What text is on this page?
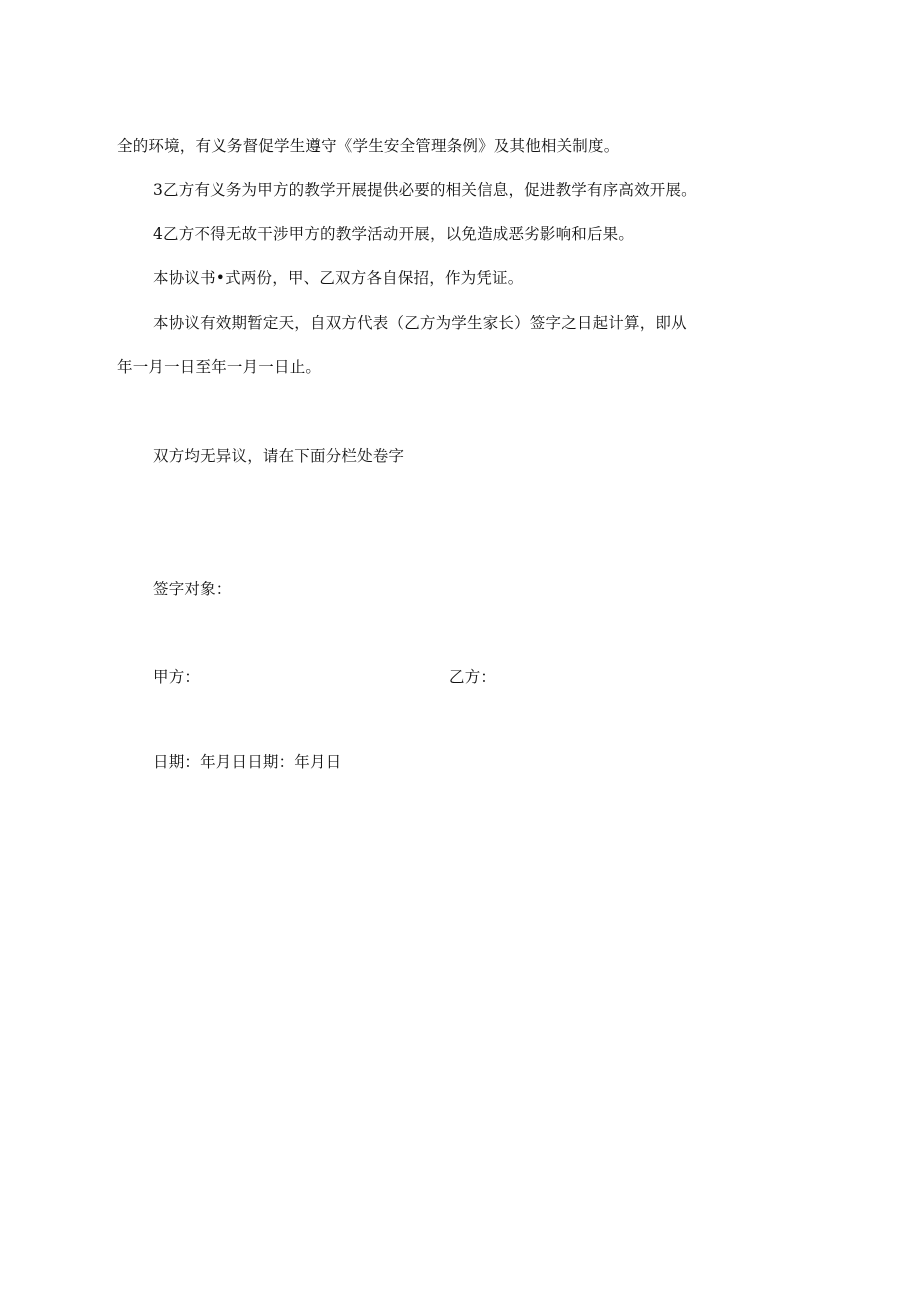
全的环境，有义务督促学生遵守《学生安全管理条例》及其他相关制度。
3乙方有义务为甲方的教学开展提供必要的相关信息，促进教学有序高效开展。
4乙方不得无故干涉甲方的教学活动开展，以免造成恶劣影响和后果。
本协议书•式两份，甲、乙双方各自保招，作为凭证。
本协议有效期暂定天，自双方代表（乙方为学生家长）签字之日起计算，即从
年一月一日至年一月一日止。
双方均无异议，请在下面分栏处卷字
签字对象：
甲方：	乙方：
日期：年月日日期：年月日
